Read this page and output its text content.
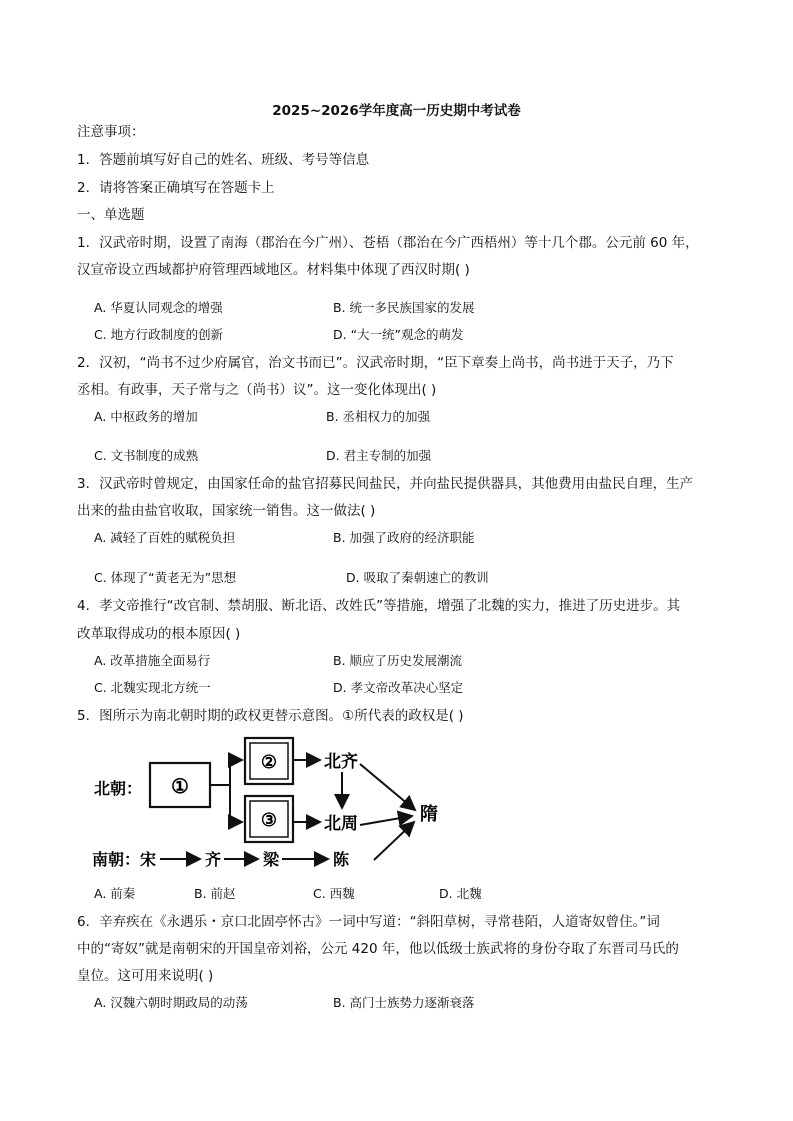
2025~2026学年度高一历史期中考试卷
注意事项：
1．答题前填写好自己的姓名、班级、考号等信息
2．请将答案正确填写在答题卡上
一、单选题
1．汉武帝时期，设置了南海（郡治在今广州）、苍梧（郡治在今广西梧州）等十几个郡。公元前 60 年，
汉宣帝设立西域都护府管理西域地区。材料集中体现了西汉时期( )
A. 华夏认同观念的增强	B. 统一多民族国家的发展
C. 地方行政制度的创新	D. “大一统”观念的萌发
2．汉初，“尚书不过少府属官，治文书而已”。汉武帝时期，“臣下章奏上尚书，尚书进于天子，乃下
丞相。有政事，天子常与之（尚书）议”。这一变化体现出( )
A. 中枢政务的增加	B. 丞相权力的加强
C. 文书制度的成熟	D. 君主专制的加强
3．汉武帝时曾规定，由国家任命的盐官招募民间盐民，并向盐民提供器具，其他费用由盐民自理，生产
出来的盐由盐官收取，国家统一销售。这一做法( )
A. 减轻了百姓的赋税负担	B. 加强了政府的经济职能
C. 体现了“黄老无为”思想	D. 吸取了秦朝速亡的教训
4．孝文帝推行“改官制、禁胡服、断北语、改姓氏”等措施，增强了北魏的实力，推进了历史进步。其
改革取得成功的根本原因( )
A. 改革措施全面易行	B. 顺应了历史发展潮流
C. 北魏实现北方统一	D. 孝文帝改革决心坚定
5．图所示为南北朝时期的政权更替示意图。①所代表的政权是( )
北朝： ①
②
③
北齐
北周	隋
南朝： 宋	齐	梁	陈
A. 前秦	B. 前赵	C. 西魏	D. 北魏
6．辛弃疾在《永遇乐・京口北固亭怀古》一词中写道：“斜阳草树，寻常巷陌，人道寄奴曾住。”词
中的“寄奴”就是南朝宋的开国皇帝刘裕，公元 420 年，他以低级士族武将的身份夺取了东晋司马氏的
皇位。这可用来说明( )
A. 汉魏六朝时期政局的动荡	B. 高门士族势力逐渐衰落
